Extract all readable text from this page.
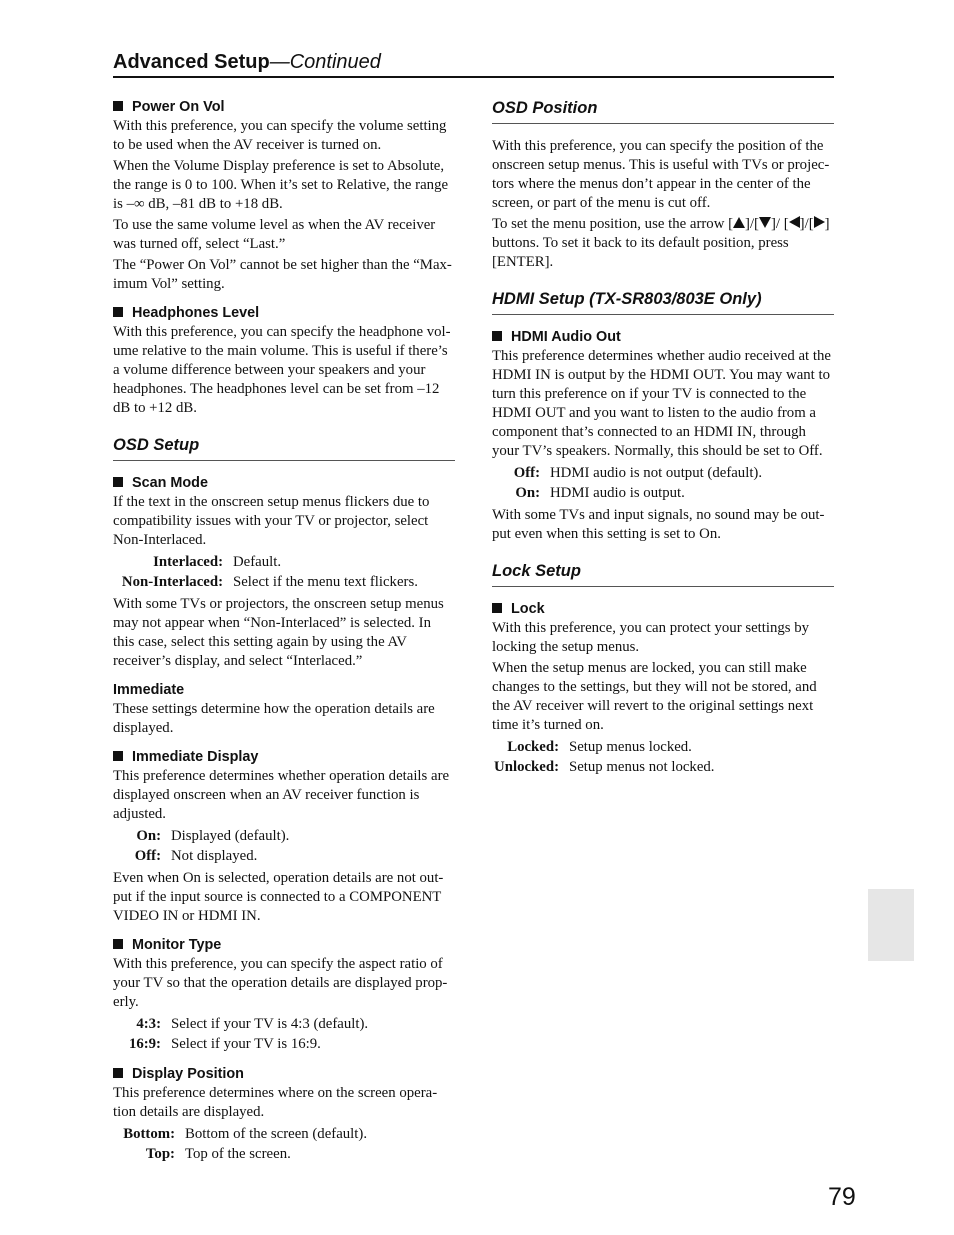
Advanced Setup—Continued
Power On Vol

With this preference, you can specify the volume setting to be used when the AV receiver is turned on.

When the Volume Display preference is set to Absolute, the range is 0 to 100. When it’s set to Relative, the range is –∞ dB, –81 dB to +18 dB.

To use the same volume level as when the AV receiver was turned off, select “Last.”

The “Power On Vol” cannot be set higher than the “Max-imum Vol” setting.

Headphones Level

With this preference, you can specify the headphone vol-ume relative to the main volume. This is useful if there’s a volume difference between your speakers and your headphones. The headphones level can be set from –12 dB to +12 dB.

OSD Setup
Scan Mode

If the text in the onscreen setup menus flickers due to compatibility issues with your TV or projector, select Non-Interlaced.

Interlaced: Default.
Non-Interlaced: Select if the menu text flickers.

With some TVs or projectors, the onscreen setup menus may not appear when “Non-Interlaced” is selected. In this case, select this setting again by using the AV receiver’s display, and select “Interlaced.”

Immediate

These settings determine how the operation details are displayed.

Immediate Display

This preference determines whether operation details are displayed onscreen when an AV receiver function is adjusted.

On: Displayed (default).
Off: Not displayed.

Even when On is selected, operation details are not out-put if the input source is connected to a COMPONENT VIDEO IN or HDMI IN.

Monitor Type

With this preference, you can specify the aspect ratio of your TV so that the operation details are displayed prop-erly.

4:3: Select if your TV is 4:3 (default).
16:9: Select if your TV is 16:9.
Display Position

This preference determines where on the screen opera-tion details are displayed.

Bottom: Bottom of the screen (default).
Top: Top of the screen.
OSD Position

With this preference, you can specify the position of the onscreen setup menus. This is useful with TVs or projec-tors where the menus don’t appear in the center of the screen, or part of the menu is cut off.

To set the menu position, use the arrow [ ]/[ ]/ [ ]/[ ] buttons. To set it back to its default position, press [ENTER].

HDMI Setup (TX-SR803/803E Only)
HDMI Audio Out

This preference determines whether audio received at the HDMI IN is output by the HDMI OUT. You may want to turn this preference on if your TV is connected to the HDMI OUT and you want to listen to the audio from a component that’s connected to an HDMI IN, through your TV’s speakers. Normally, this should be set to Off.

Off: HDMI audio is not output (default).
On: HDMI audio is output.

With some TVs and input signals, no sound may be out-put even when this setting is set to On.

Lock Setup
Lock

With this preference, you can protect your settings by locking the setup menus.

When the setup menus are locked, you can still make changes to the settings, but they will not be stored, and the AV receiver will revert to the original settings next time it’s turned on.

Locked: Setup menus locked.
Unlocked: Setup menus not locked.
79
